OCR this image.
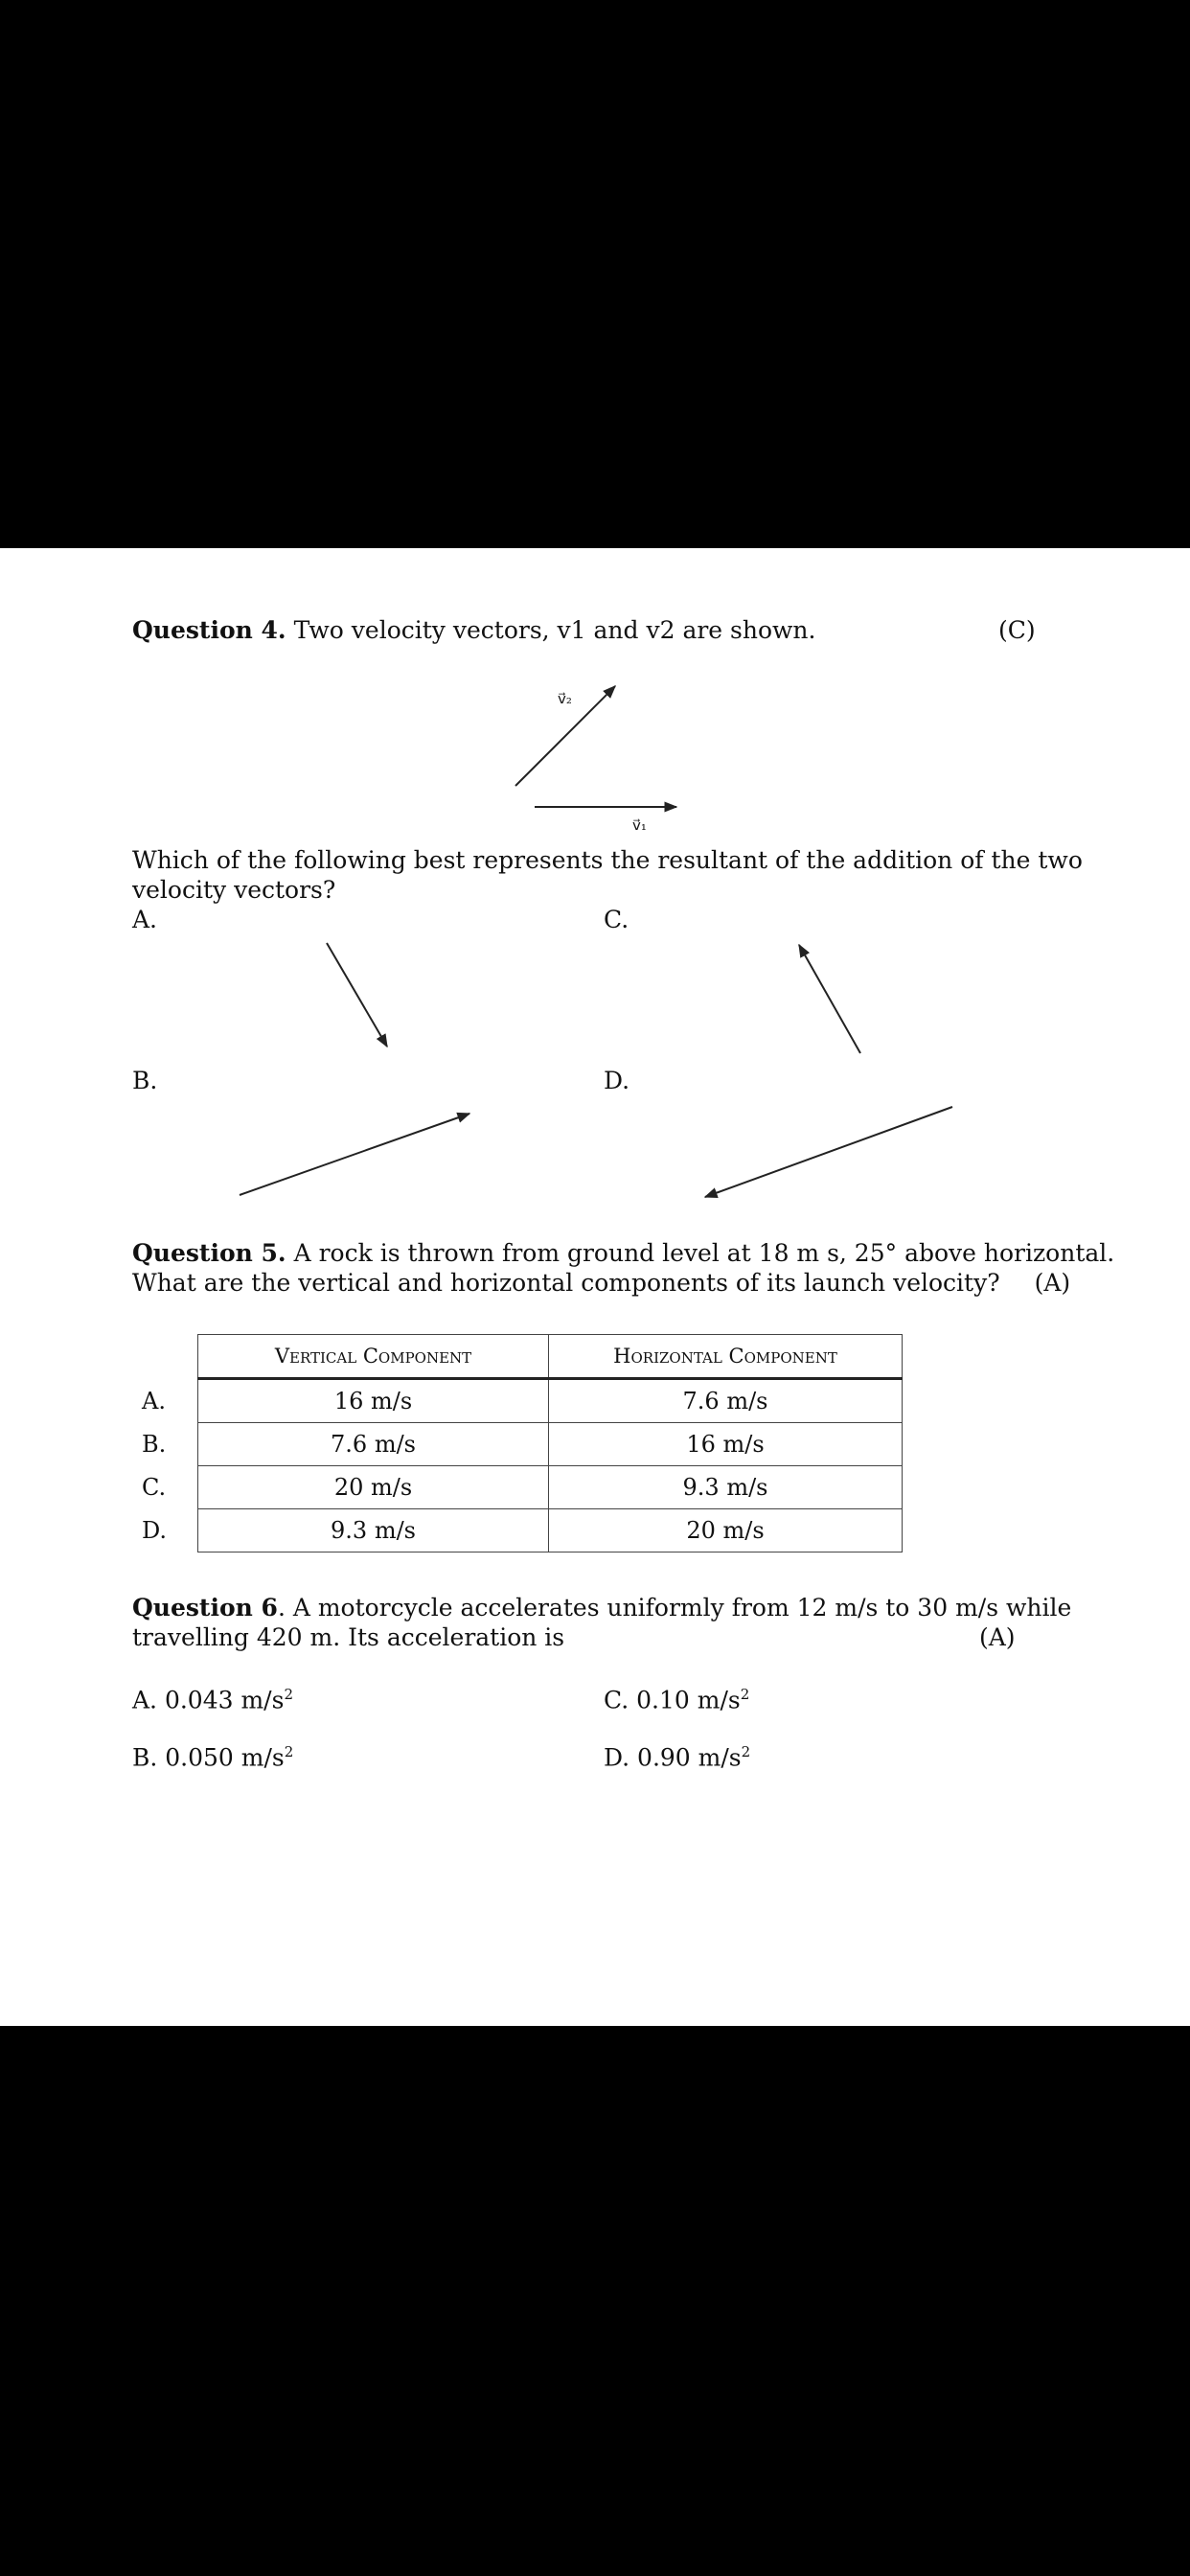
Question 4. Two velocity vectors, v1 and v2 are shown.	(C)
v⃗₂
v⃗₁
Which of the following best represents the resultant of the addition of the two
velocity vectors?
A.	C.
B.	D.
Question 5. A rock is thrown from ground level at 18 m s, 25° above horizontal.
What are the vertical and horizontal components of its launch velocity? (A)
	Vertical Component	Horizontal Component
A.	16 m/s	7.6 m/s
B.	7.6 m/s	16 m/s
C.	20 m/s	9.3 m/s
D.	9.3 m/s	20 m/s
Question 6. A motorcycle accelerates uniformly from 12 m/s to 30 m/s while
travelling 420 m. Its acceleration is	(A)
A. 0.043 $m/s^2$	C. 0.10 $m/s^2$
B. 0.050 $m/s^2$	D. 0.90 $m/s^2$
